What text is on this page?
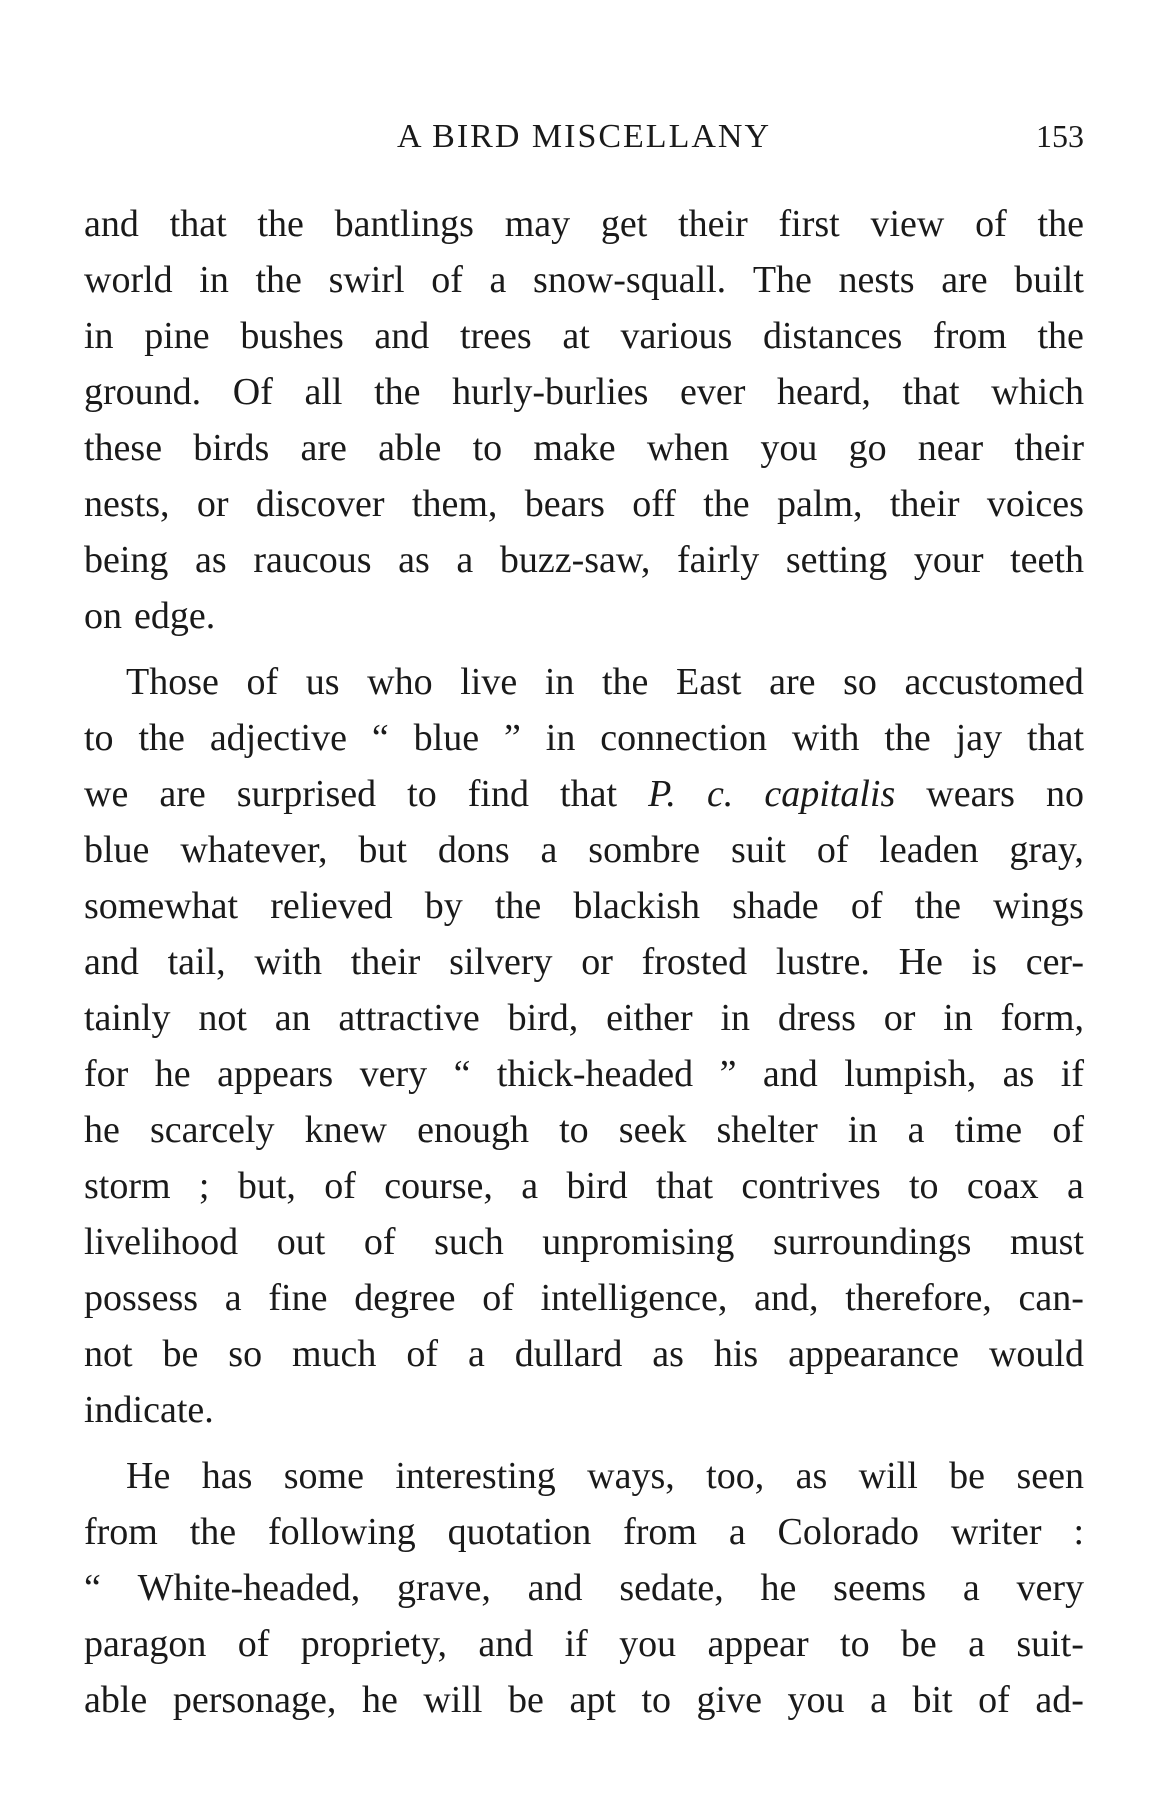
A BIRD MISCELLANY	153
and that the bantlings may get their first view of the
world in the swirl of a snow-squall. The nests are built
in pine bushes and trees at various distances from the
ground. Of all the hurly-burlies ever heard, that which
these birds are able to make when you go near their
nests, or discover them, bears off the palm, their voices
being as raucous as a buzz-saw, fairly setting your teeth
on edge.
Those of us who live in the East are so accustomed
to the adjective “ blue ” in connection with the jay that
we are surprised to find that P. c. capitalis wears no
blue whatever, but dons a sombre suit of leaden gray,
somewhat relieved by the blackish shade of the wings
and tail, with their silvery or frosted lustre. He is cer-
tainly not an attractive bird, either in dress or in form,
for he appears very “ thick-headed ” and lumpish, as if
he scarcely knew enough to seek shelter in a time of
storm ; but, of course, a bird that contrives to coax a
livelihood out of such unpromising surroundings must
possess a fine degree of intelligence, and, therefore, can-
not be so much of a dullard as his appearance would
indicate.
He has some interesting ways, too, as will be seen
from the following quotation from a Colorado writer :
“ White-headed, grave, and sedate, he seems a very
paragon of propriety, and if you appear to be a suit-
able personage, he will be apt to give you a bit of ad-
